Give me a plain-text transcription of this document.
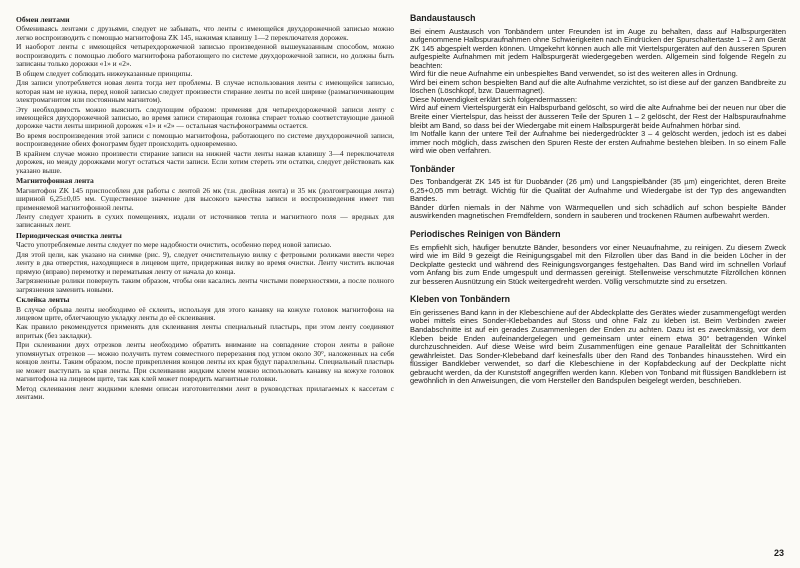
Обмен лентами

Обмениваясь лентами с друзьями, следует не забывать, что ленты с имеющейся двухдорожечной записью можно легко воспроизводить с помощью магнитофона ZK 145, нажимая клавишу 1—2 переключателя дорожек.

И наоборот ленты с имеющейся четырехдорожечной записью произведенной вышеуказанным способом, можно воспроизводить с помощью любого магнитофона работающего по системе двухдорожечной записи, но должны быть записаны только дорожки «1» и «2».

В общем следует соблюдать нижеуказанные принципы.

Для записи употребляется новая лента тогда нет проблемы. В случае использования ленты с имеющейся записью, которая нам не нужна, перед новой записью следует произвести стирание ленты по всей ширине (размагничивающим электромагнитом или постоянным магнитом).

Эту необходимость можно выяснить следующим образом: применяя для четырехдорожечной записи ленту с имеющейся двухдорожечной записью, во время записи стирающая головка стирает только соответствующие данной дорожке части ленты шириной дорожек «1» и «2» — остальная частьфонограммы остается.

Во время воспроизведения этой записи с помощью магнитофона, работающего по системе двухдорожечной записи, воспроизведение обеих фонограмм будет происходить одновременно.

В крайнем случае можно произвести стирание записи на нижней части ленты нажав клавишу 3—4 переключателя дорожек, но между дорожками могут остаться части записи. Если хотим стереть эти остатки, следует действовать как указано выше.

Магнитофонная лента

Магнитофон ZK 145 приспособлен для работы с лентой 26 мк (т.н. двойная лента) и 35 мк (долгоиграющая лента) шириной 6,25±0,05 мм. Существенное значение для высокого качества записи и воспроизведения имеет тип применяемой магнитофонной ленты.

Ленту следует хранить в сухих помещениях, издали от источников тепла и магнитного поля — вредных для записанных лент.

Периодическая очистка ленты

Часто употребляемые ленты следует по мере надобности очистить, особенно перед новой записью.

Для этой цели, как указано на снимке (рис. 9), следует очистительную вилку с фетровыми роликами ввести через ленту в два отверстия, находящиеся в лицевом щите, придерживая вилку во время очистки. Ленту чистить включая прямую (вправо) перемотку и перематывая ленту от начала до конца.

Загрязненные ролики повернуть таким образом, чтобы они касались ленты чистыми поверхностями, а после полного загрязнения заменить новыми.

Склейка ленты

В случае обрыва ленты необходимо её склеить, используя для этого канавку на кожухе головок магнитофона на лицевом щите, облегчающую укладку ленты до её склеивания.

Как правило рекомендуется применять для склеивания ленты специальный пластырь, при этом ленту соединяют впритык (без закладки).

При склеивании двух отрезков ленты необходимо обратить внимание на совпадение сторон ленты в районе упомянутых отрезков — можно получить путем совместного перерезания под углом около 30°, наложенных на себя концов ленты. Таким образом, после прикрепления концов ленты их края будут параллельны. Специальный пластырь не может выступать за края ленты. При склеивании жидким клеем можно использовать канавку на кожухе головок магнитофона на лицевом щите, так как клей может повредить магнитные головки.

Метод склеивания лент жидкими клеями описан изготовителями лент в руководствах прилагаемых к кассетам с лентами.

Bandaustausch

Bei einem Austausch von Tonbändern unter Freunden ist im Auge zu behalten, dass auf Halbspurgeräten aufgenommene Halbspuraufnahmen ohne Schwierigkeiten nach Eindrücken der Spurschaltertaste 1 – 2 am Gerät ZK 145 abgespielt werden können. Umgekehrt können auch alle mit Viertelspurgeräten auf den äusseren Spuren aufgespielte Aufnahmen mit jedem Halbspurgerät wiedergegeben werden. Allgemein sind folgende Regeln zu beachten:

Wird für die neue Aufnahme ein unbespieltes Band verwendet, so ist des weiteren alles in Ordnung.

Wird bei einem schon bespielten Band auf die alte Aufnahme verzichtet, so ist diese auf der ganzen Bandbreite zu löschen (Löschkopf, bzw. Dauermagnet).

Diese Notwendigkeit erklärt sich folgendermassen:

Wird auf einem Viertelspurgerät ein Halbspurband gelöscht, so wird die alte Aufnahme bei der neuen nur über die Breite einer Viertelspur, das heisst der äusseren Teile der Spuren 1 – 2 gelöscht, der Rest der Halbspuraufnahme bleibt am Band, so dass bei der Wiedergabe mit einem Halbspurgerät beide Aufnahmen hörbar sind.

Im Notfalle kann der untere Teil der Aufnahme bei niedergedrückter 3 – 4 gelöscht werden, jedoch ist es dabei immer noch möglich, dass zwischen den Spuren Reste der ersten Aufnahme bestehen bleiben. In so einem Falle wird wie oben verfahren.

Tonbänder

Des Tonbandgerät ZK 145 ist für Duobänder (26 µm) und Langspielbänder (35 µm) eingerichtet, deren Breite 6,25+0,05 mm beträgt. Wichtig für die Qualität der Aufnahme und Wiedergabe ist der Typ des angewandten Bandes.

Bänder dürfen niemals in der Nähme von Wärmequellen und sich schädlich auf schon bespielte Bänder auswirkenden magnetischen Fremdfeldern, sondern in sauberen und trockenen Räumen aufbewahrt werden.

Periodisches Reinigen von Bändern

Es empfiehlt sich, häufiger benutzte Bänder, besonders vor einer Neuaufnahme, zu reinigen. Zu diesem Zweck wird wie im Bild 9 gezeigt die Reinigungsgabel mit den Filzrollen über das Band in die beiden Löcher in der Deckplatte gesteckt und während des Reinigungsvorganges festgehalten. Das Band wird im schnellen Vorlauf vom Anfang bis zum Ende umgespult und dermassen gereinigt. Stellenweise verschmutzte Filzröllchen können zur besseren Ausnützung ein Stück weitergedreht werden. Völlig verschmutzte sind zu ersetzen.

Kleben von Tonbändern

Ein gerissenes Band kann in der Klebeschiene auf der Abdeckplatte des Gerätes wieder zusammengefügt werden wobei mittels eines Sonder-Klebebandes auf Stoss und ohne Falz zu kleben ist. Beim Verbinden zweier Bandabschnitte ist auf ein gerades Zusammenlegen der Enden zu achten. Dazu ist es zweckmässig, vor dem Kleben beide Enden aufeinandergelegen und gemeinsam unter einem etwa 30° betragenden Winkel durchzuschneiden. Auf diese Weise wird beim Zusammenfügen eine genaue Parallelität der Schnittkanten gewährleistet. Das Sonder-Klebeband darf keinesfalls über den Rand des Tonbandes hinausstehen. Wird ein flüssiger Bandkleber verwendet, so darf die Klebeschiene in der Kopfabdeckung auf der Deckplatte nicht gebraucht werden, da der Kunststoff angegriffen werden kann. Kleben von Tonband mit flüssigen Bandklebern ist gewöhnlich in den Anweisungen, die vom Hersteller den Bandspulen beigelegt werden, beschrieben.

23
